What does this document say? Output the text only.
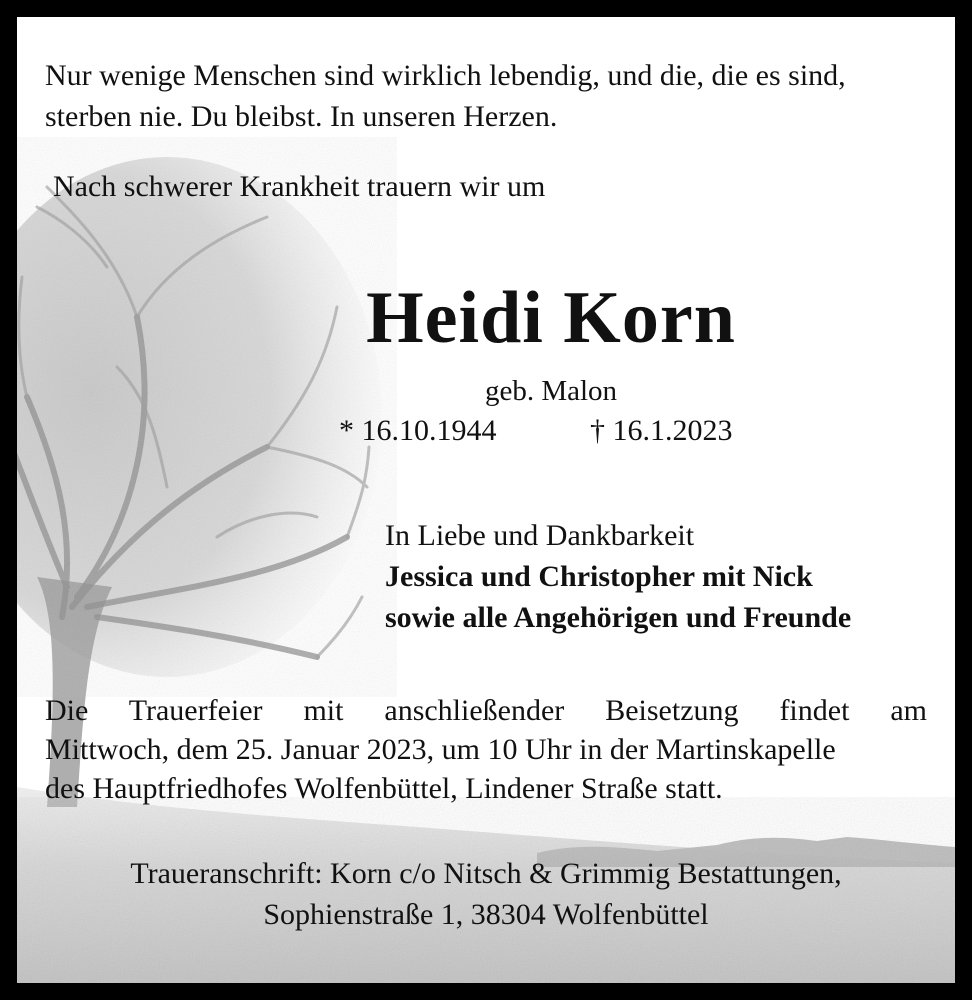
Nur wenige Menschen sind wirklich lebendig, und die, die es sind,
sterben nie. Du bleibst. In unseren Herzen.
Nach schwerer Krankheit trauern wir um
Heidi Korn
geb. Malon
* 16.10.1944	† 16.1.2023
In Liebe und Dankbarkeit
Jessica und Christopher mit Nick
sowie alle Angehörigen und Freunde
Die Trauerfeier mit anschließender Beisetzung findet am
Mittwoch, dem 25. Januar 2023, um 10 Uhr in der Martinskapelle
des Hauptfriedhofes Wolfenbüttel, Lindener Straße statt.
Traueranschrift: Korn c/o Nitsch & Grimmig Bestattungen,
Sophienstraße 1, 38304 Wolfenbüttel
